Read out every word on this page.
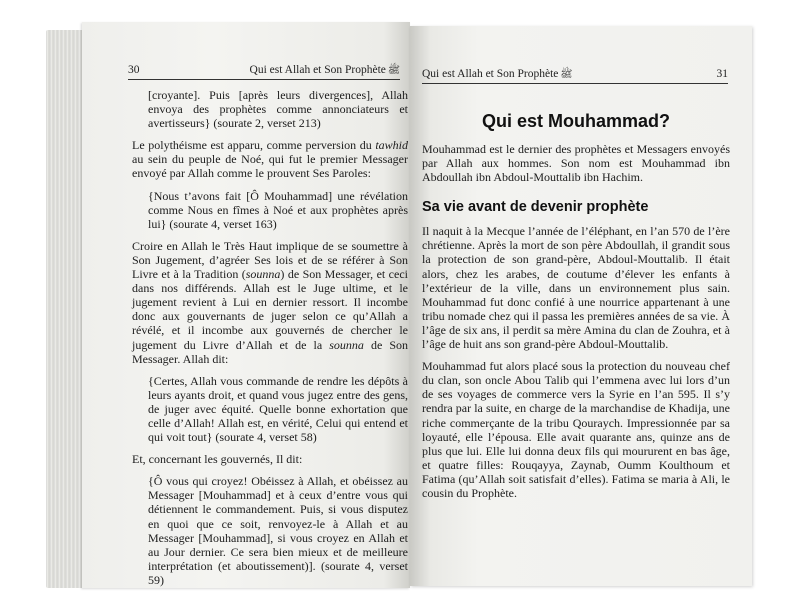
30	Qui est Allah et Son Prophète ﷺ

[croyante]. Puis [après leurs divergences], Allah envoya des prophètes comme annonciateurs et avertisseurs} (sourate 2, verset 213)

Le polythéisme est apparu, comme perversion du tawhid au sein du peuple de Noé, qui fut le premier Messager envoyé par Allah comme le prouvent Ses Paroles:

{Nous t’avons fait [Ô Mouhammad] une révélation comme Nous en fîmes à Noé et aux prophètes après lui} (sourate 4, verset 163)

Croire en Allah le Très Haut implique de se soumettre à Son Jugement, d’agréer Ses lois et de se référer à Son Livre et à la Tradition (sounna) de Son Messager, et ceci dans nos différends. Allah est le Juge ultime, et le jugement revient à Lui en dernier ressort. Il incombe donc aux gouvernants de juger selon ce qu’Allah a révélé, et il incombe aux gouvernés de chercher le jugement du Livre d’Allah et de la sounna de Son Messager. Allah dit:

{Certes, Allah vous commande de rendre les dépôts à leurs ayants droit, et quand vous jugez entre des gens, de juger avec équité. Quelle bonne exhortation que celle d’Allah! Allah est, en vérité, Celui qui entend et qui voit tout} (sourate 4, verset 58)

Et, concernant les gouvernés, Il dit:

{Ô vous qui croyez! Obéissez à Allah, et obéissez au Messager [Mouhammad] et à ceux d’entre vous qui détiennent le commandement. Puis, si vous disputez en quoi que ce soit, renvoyez-le à Allah et au Messager [Mouhammad], si vous croyez en Allah et au Jour dernier. Ce sera bien mieux et de meilleure interprétation (et aboutissement)]. (sourate 4, verset 59)

Qui est Allah et Son Prophète ﷺ	31
Qui est Mouhammad?

Mouhammad est le dernier des prophètes et Messagers envoyés par Allah aux hommes. Son nom est Mouhammad ibn Abdoullah ibn Abdoul-Mouttalib ibn Hachim.

Sa vie avant de devenir prophète

Il naquit à la Mecque l’année de l’éléphant, en l’an 570 de l’ère chrétienne. Après la mort de son père Abdoullah, il grandit sous la protection de son grand-père, Abdoul-Mouttalib. Il était alors, chez les arabes, de coutume d’élever les enfants à l’extérieur de la ville, dans un environnement plus sain. Mouhammad fut donc confié à une nourrice appartenant à une tribu nomade chez qui il passa les premières années de sa vie. À l’âge de six ans, il perdit sa mère Amina du clan de Zouhra, et à l’âge de huit ans son grand-père Abdoul-Mouttalib.

Mouhammad fut alors placé sous la protection du nouveau chef du clan, son oncle Abou Talib qui l’emmena avec lui lors d’un de ses voyages de commerce vers la Syrie en l’an 595. Il s’y rendra par la suite, en charge de la marchandise de Khadija, une riche commerçante de la tribu Qouraych. Impressionnée par sa loyauté, elle l’épousa. Elle avait quarante ans, quinze ans de plus que lui. Elle lui donna deux fils qui moururent en bas âge, et quatre filles: Rouqayya, Zaynab, Oumm Koulthoum et Fatima (qu’Allah soit satisfait d’elles). Fatima se maria à Ali, le cousin du Prophète.
